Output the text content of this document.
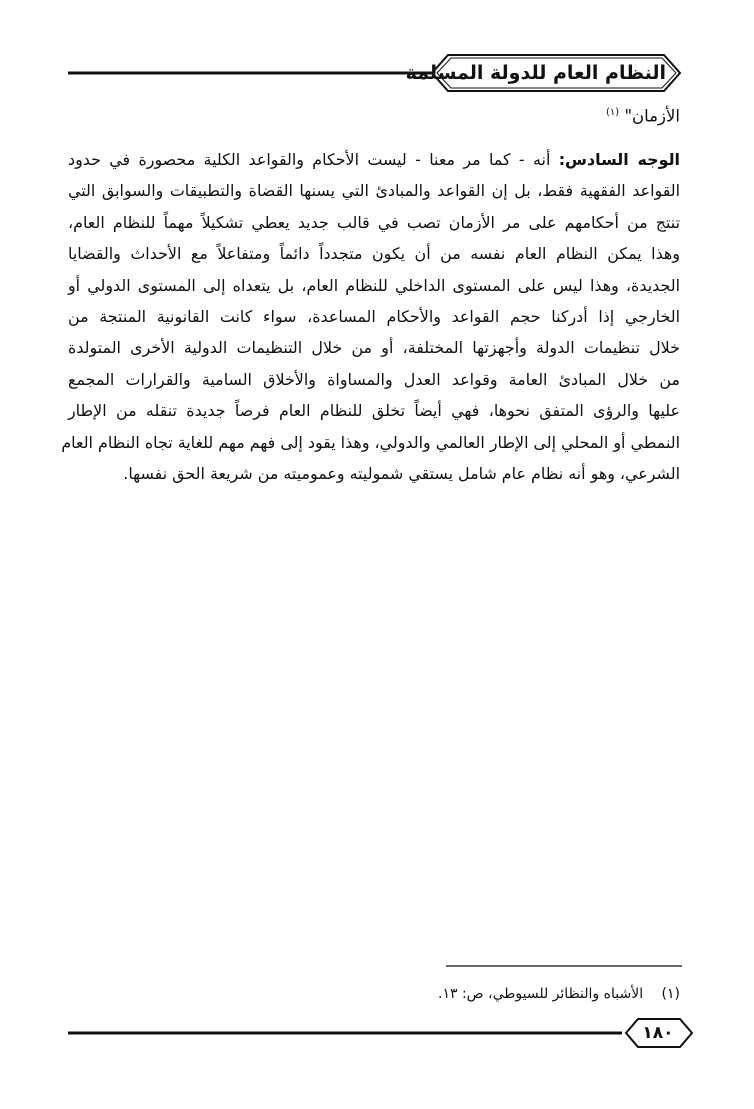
النظام العام للدولة المسلمة
الأزمان" $^{(١)}$
الوجه السادس: أنه - كما مر معنا - ليست الأحكام والقواعد الكلية محصورة في حدود
القواعد الفقهية فقط، بل إن القواعد والمبادئ التي يسنها القضاة والتطبيقات والسوابق التي
تنتج من أحكامهم على مر الأزمان تصب في قالب جديد يعطي تشكيلاً مهماً للنظام العام،
وهذا يمكن النظام العام نفسه من أن يكون متجدداً دائماً ومتفاعلاً مع الأحداث والقضايا
الجديدة، وهذا ليس على المستوى الداخلي للنظام العام، بل يتعداه إلى المستوى الدولي أو
الخارجي إذا أدركنا حجم القواعد والأحكام المساعدة، سواء كانت القانونية المنتجة من
خلال تنظيمات الدولة وأجهزتها المختلفة، أو من خلال التنظيمات الدولية الأخرى المتولدة
من خلال المبادئ العامة وقواعد العدل والمساواة والأخلاق السامية والقرارات المجمع
عليها والرؤى المتفق نحوها، فهي أيضاً تخلق للنظام العام فرصاً جديدة تنقله من الإطار
النمطي أو المحلي إلى الإطار العالمي والدولي، وهذا يقود إلى فهم مهم للغاية تجاه النظام العام
الشرعي، وهو أنه نظام عام شامل يستقي شموليته وعموميته من شريعة الحق نفسها.
(١) الأشباه والنظائر للسيوطي، ص: ١٣.
١٨٠
